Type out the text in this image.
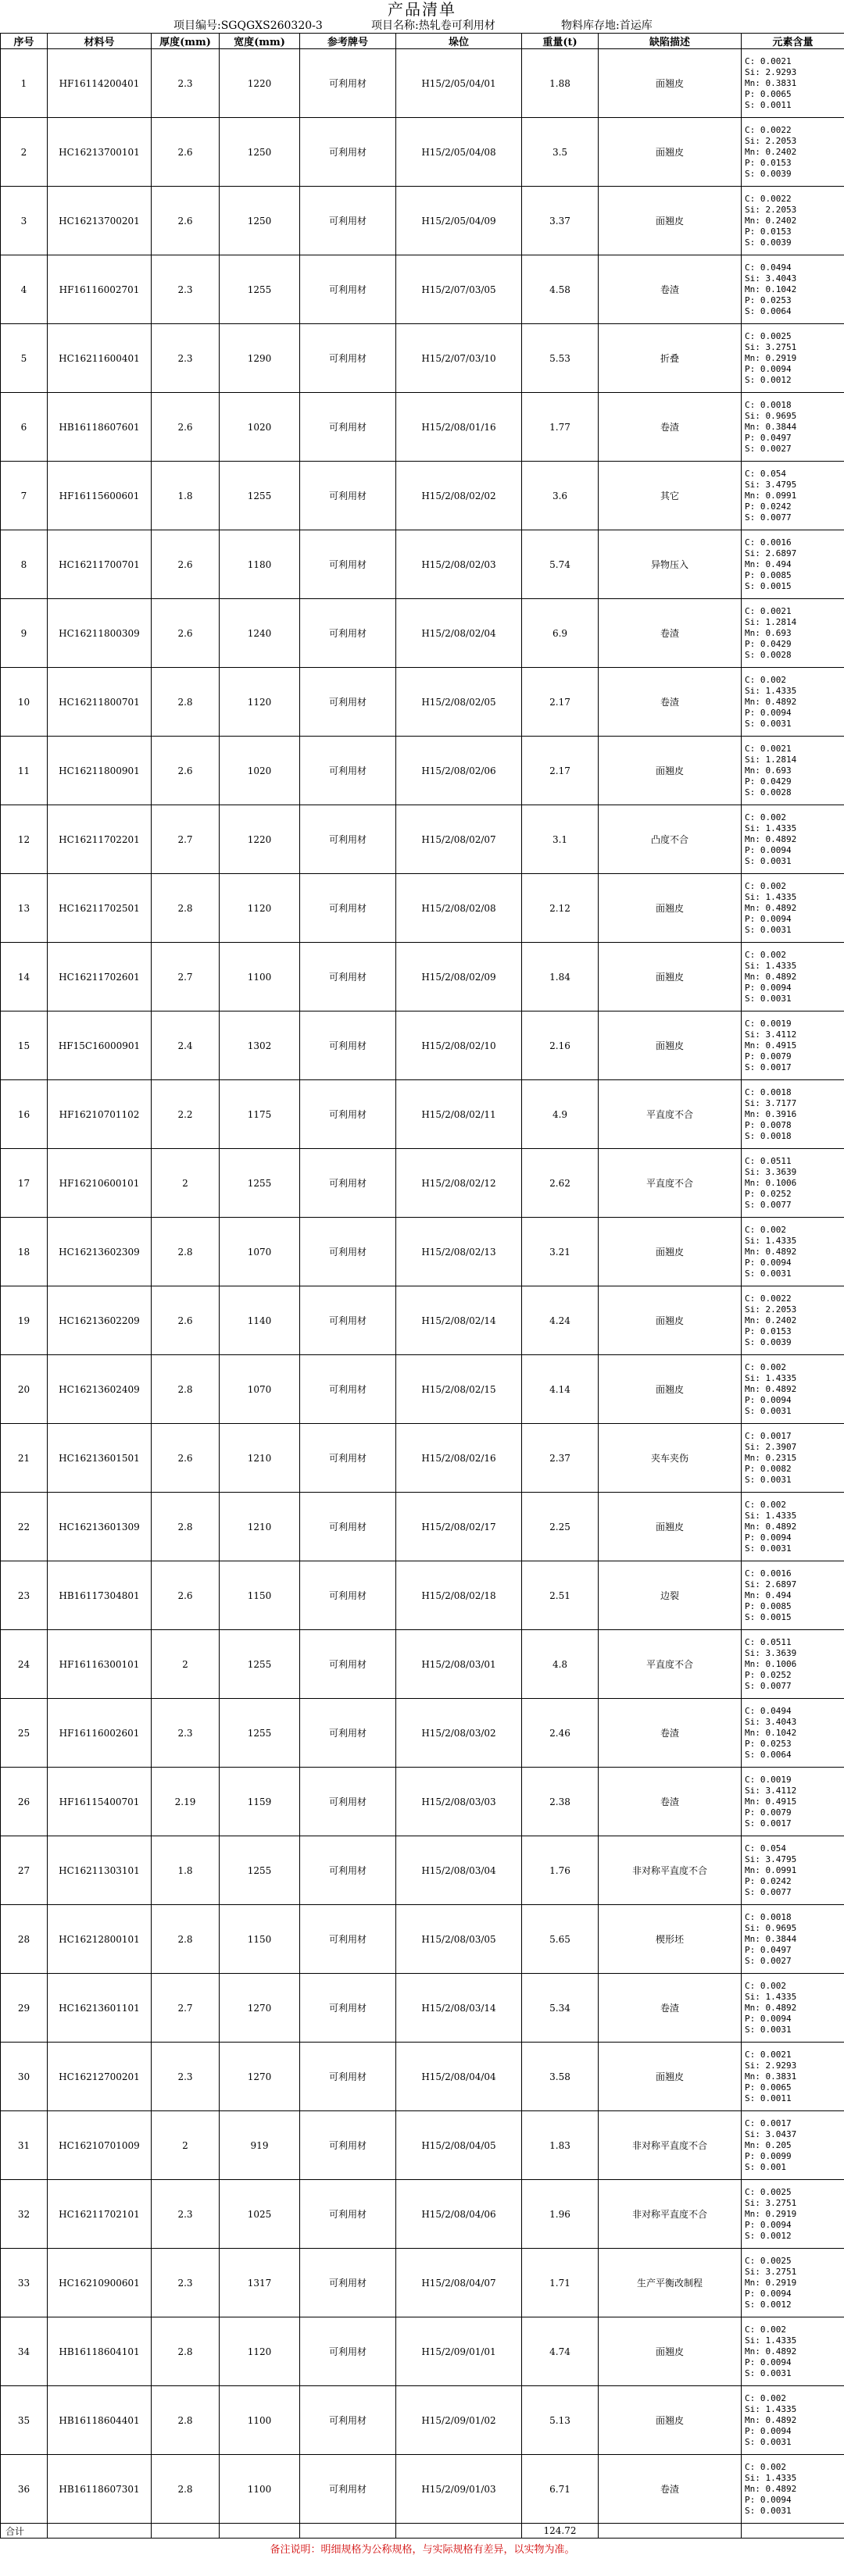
产品清单
项目编号:SGQGXS260320-3	项目名称:热轧卷可利用材	物料库存地:首运库
序号	材料号	厚度(mm)	宽度(mm)	参考牌号	垛位	重量(t)	缺陷描述	元素含量
1	HF16114200401	2.3	1220	可利用材	H15/2/05/04/01	1.88	面翘皮	C: 0.0021
Si: 2.9293
Mn: 0.3831
P: 0.0065
S: 0.0011
2	HC16213700101	2.6	1250	可利用材	H15/2/05/04/08	3.5	面翘皮	C: 0.0022
Si: 2.2053
Mn: 0.2402
P: 0.0153
S: 0.0039
3	HC16213700201	2.6	1250	可利用材	H15/2/05/04/09	3.37	面翘皮	C: 0.0022
Si: 2.2053
Mn: 0.2402
P: 0.0153
S: 0.0039
4	HF16116002701	2.3	1255	可利用材	H15/2/07/03/05	4.58	卷渣	C: 0.0494
Si: 3.4043
Mn: 0.1042
P: 0.0253
S: 0.0064
5	HC16211600401	2.3	1290	可利用材	H15/2/07/03/10	5.53	折叠	C: 0.0025
Si: 3.2751
Mn: 0.2919
P: 0.0094
S: 0.0012
6	HB16118607601	2.6	1020	可利用材	H15/2/08/01/16	1.77	卷渣	C: 0.0018
Si: 0.9695
Mn: 0.3844
P: 0.0497
S: 0.0027
7	HF16115600601	1.8	1255	可利用材	H15/2/08/02/02	3.6	其它	C: 0.054
Si: 3.4795
Mn: 0.0991
P: 0.0242
S: 0.0077
8	HC16211700701	2.6	1180	可利用材	H15/2/08/02/03	5.74	异物压入	C: 0.0016
Si: 2.6897
Mn: 0.494
P: 0.0085
S: 0.0015
9	HC16211800309	2.6	1240	可利用材	H15/2/08/02/04	6.9	卷渣	C: 0.0021
Si: 1.2814
Mn: 0.693
P: 0.0429
S: 0.0028
10	HC16211800701	2.8	1120	可利用材	H15/2/08/02/05	2.17	卷渣	C: 0.002
Si: 1.4335
Mn: 0.4892
P: 0.0094
S: 0.0031
11	HC16211800901	2.6	1020	可利用材	H15/2/08/02/06	2.17	面翘皮	C: 0.0021
Si: 1.2814
Mn: 0.693
P: 0.0429
S: 0.0028
12	HC16211702201	2.7	1220	可利用材	H15/2/08/02/07	3.1	凸度不合	C: 0.002
Si: 1.4335
Mn: 0.4892
P: 0.0094
S: 0.0031
13	HC16211702501	2.8	1120	可利用材	H15/2/08/02/08	2.12	面翘皮	C: 0.002
Si: 1.4335
Mn: 0.4892
P: 0.0094
S: 0.0031
14	HC16211702601	2.7	1100	可利用材	H15/2/08/02/09	1.84	面翘皮	C: 0.002
Si: 1.4335
Mn: 0.4892
P: 0.0094
S: 0.0031
15	HF15C16000901	2.4	1302	可利用材	H15/2/08/02/10	2.16	面翘皮	C: 0.0019
Si: 3.4112
Mn: 0.4915
P: 0.0079
S: 0.0017
16	HF16210701102	2.2	1175	可利用材	H15/2/08/02/11	4.9	平直度不合	C: 0.0018
Si: 3.7177
Mn: 0.3916
P: 0.0078
S: 0.0018
17	HF16210600101	2	1255	可利用材	H15/2/08/02/12	2.62	平直度不合	C: 0.0511
Si: 3.3639
Mn: 0.1006
P: 0.0252
S: 0.0077
18	HC16213602309	2.8	1070	可利用材	H15/2/08/02/13	3.21	面翘皮	C: 0.002
Si: 1.4335
Mn: 0.4892
P: 0.0094
S: 0.0031
19	HC16213602209	2.6	1140	可利用材	H15/2/08/02/14	4.24	面翘皮	C: 0.0022
Si: 2.2053
Mn: 0.2402
P: 0.0153
S: 0.0039
20	HC16213602409	2.8	1070	可利用材	H15/2/08/02/15	4.14	面翘皮	C: 0.002
Si: 1.4335
Mn: 0.4892
P: 0.0094
S: 0.0031
21	HC16213601501	2.6	1210	可利用材	H15/2/08/02/16	2.37	夹车夹伤	C: 0.0017
Si: 2.3907
Mn: 0.2315
P: 0.0082
S: 0.0031
22	HC16213601309	2.8	1210	可利用材	H15/2/08/02/17	2.25	面翘皮	C: 0.002
Si: 1.4335
Mn: 0.4892
P: 0.0094
S: 0.0031
23	HB16117304801	2.6	1150	可利用材	H15/2/08/02/18	2.51	边裂	C: 0.0016
Si: 2.6897
Mn: 0.494
P: 0.0085
S: 0.0015
24	HF16116300101	2	1255	可利用材	H15/2/08/03/01	4.8	平直度不合	C: 0.0511
Si: 3.3639
Mn: 0.1006
P: 0.0252
S: 0.0077
25	HF16116002601	2.3	1255	可利用材	H15/2/08/03/02	2.46	卷渣	C: 0.0494
Si: 3.4043
Mn: 0.1042
P: 0.0253
S: 0.0064
26	HF16115400701	2.19	1159	可利用材	H15/2/08/03/03	2.38	卷渣	C: 0.0019
Si: 3.4112
Mn: 0.4915
P: 0.0079
S: 0.0017
27	HC16211303101	1.8	1255	可利用材	H15/2/08/03/04	1.76	非对称平直度不合	C: 0.054
Si: 3.4795
Mn: 0.0991
P: 0.0242
S: 0.0077
28	HC16212800101	2.8	1150	可利用材	H15/2/08/03/05	5.65	楔形坯	C: 0.0018
Si: 0.9695
Mn: 0.3844
P: 0.0497
S: 0.0027
29	HC16213601101	2.7	1270	可利用材	H15/2/08/03/14	5.34	卷渣	C: 0.002
Si: 1.4335
Mn: 0.4892
P: 0.0094
S: 0.0031
30	HC16212700201	2.3	1270	可利用材	H15/2/08/04/04	3.58	面翘皮	C: 0.0021
Si: 2.9293
Mn: 0.3831
P: 0.0065
S: 0.0011
31	HC16210701009	2	919	可利用材	H15/2/08/04/05	1.83	非对称平直度不合	C: 0.0017
Si: 3.0437
Mn: 0.205
P: 0.0099
S: 0.001
32	HC16211702101	2.3	1025	可利用材	H15/2/08/04/06	1.96	非对称平直度不合	C: 0.0025
Si: 3.2751
Mn: 0.2919
P: 0.0094
S: 0.0012
33	HC16210900601	2.3	1317	可利用材	H15/2/08/04/07	1.71	生产平衡改制程	C: 0.0025
Si: 3.2751
Mn: 0.2919
P: 0.0094
S: 0.0012
34	HB16118604101	2.8	1120	可利用材	H15/2/09/01/01	4.74	面翘皮	C: 0.002
Si: 1.4335
Mn: 0.4892
P: 0.0094
S: 0.0031
35	HB16118604401	2.8	1100	可利用材	H15/2/09/01/02	5.13	面翘皮	C: 0.002
Si: 1.4335
Mn: 0.4892
P: 0.0094
S: 0.0031
36	HB16118607301	2.8	1100	可利用材	H15/2/09/01/03	6.71	卷渣	C: 0.002
Si: 1.4335
Mn: 0.4892
P: 0.0094
S: 0.0031
合计						124.72		
备注说明：明细规格为公称规格，与实际规格有差异，以实物为准。								
